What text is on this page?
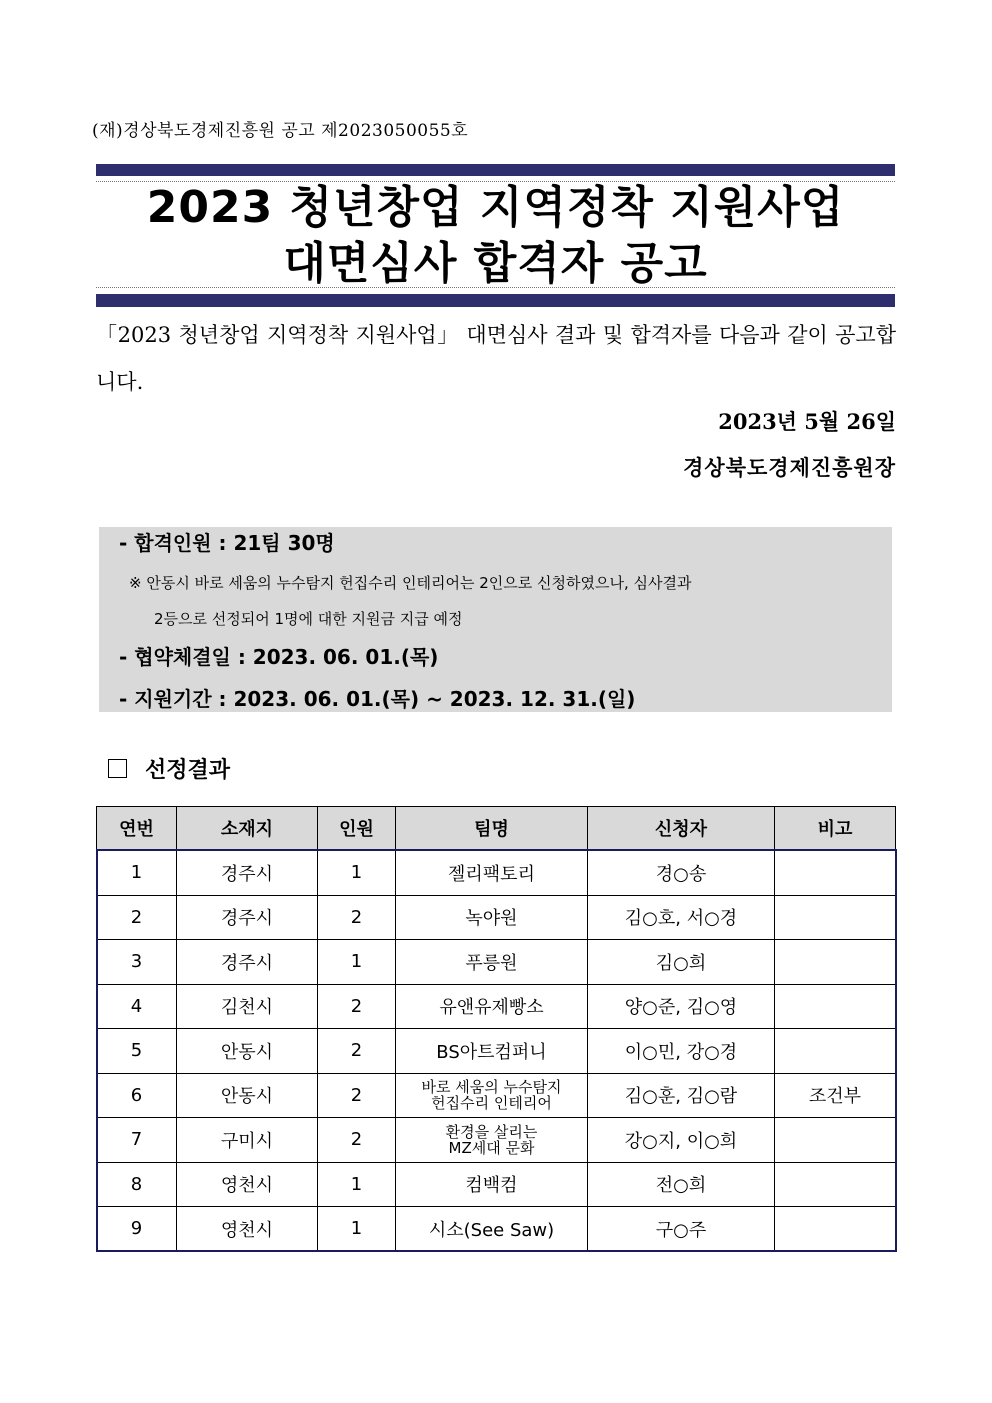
(재)경상북도경제진흥원 공고 제2023050055호
2023 청년창업 지역정착 지원사업
대면심사 합격자 공고
「2023 청년창업 지역정착 지원사업」 대면심사 결과 및 합격자를 다음과 같이 공고합니다.
2023년 5월 26일
경상북도경제진흥원장
- 합격인원 : 21팀 30명
※ 안동시 바로 세움의 누수탐지 헌집수리 인테리어는 2인으로 신청하였으나, 심사결과
2등으로 선정되어 1명에 대한 지원금 지급 예정
- 협약체결일 : 2023. 06. 01.(목)
- 지원기간 : 2023. 06. 01.(목) ~ 2023. 12. 31.(일)
선정결과
연번	소재지	인원	팀명	신청자	비고
1	경주시	1	젤리팩토리	경○송	
2	경주시	2	녹야원	김○호, 서○경	
3	경주시	1	푸릉원	김○희	
4	김천시	2	유앤유제빵소	양○준, 김○영	
5	안동시	2	BS아트컴퍼니	이○민, 강○경	
6	안동시	2	바로 세움의 누수탐지
헌집수리 인테리어	김○훈, 김○람	조건부
7	구미시	2	환경을 살리는
MZ세대 문화	강○지, 이○희	
8	영천시	1	컴백컴	전○희	
9	영천시	1	시소(See Saw)	구○주	
